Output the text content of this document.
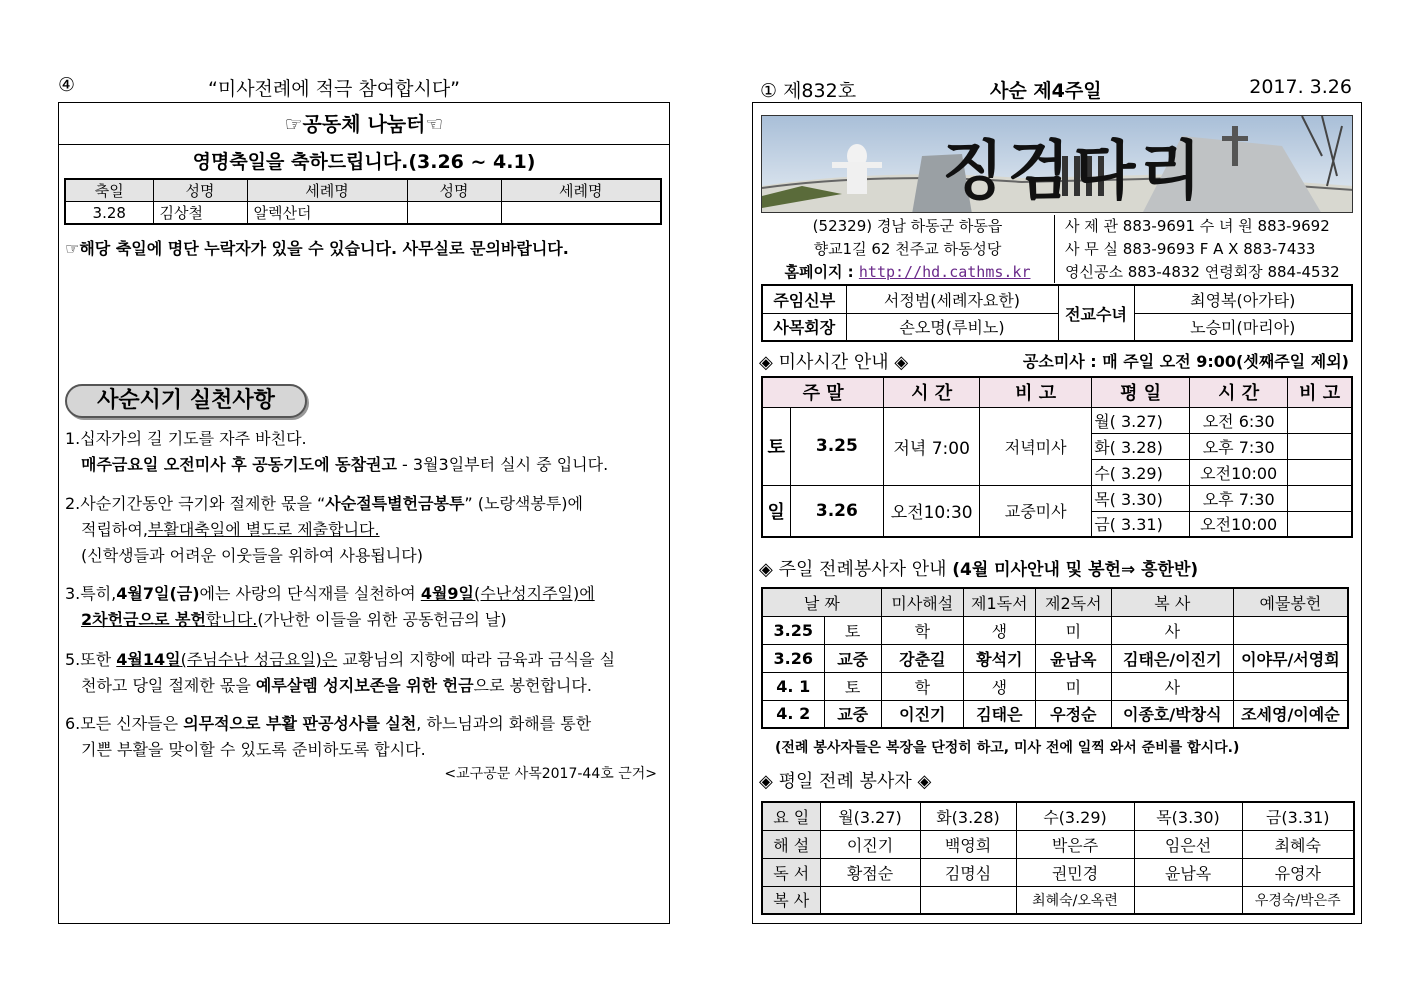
④	“미사전례에 적극 참여합시다”
☞공동체 나눔터☜
영명축일을 축하드립니다.(3.26 ~ 4.1)
축일	성명	세례명	성명	세례명
3.28	김상철	알렉산더		
☞해당 축일에 명단 누락자가 있을 수 있습니다. 사무실로 문의바랍니다.
사순시기 실천사항
1.십자가의 길 기도를 자주 바친다.
매주금요일 오전미사 후 공동기도에 동참권고 - 3월3일부터 실시 중 입니다.
2.사순기간동안 극기와 절제한 몫을 “사순절특별헌금봉투” (노랑색봉투)에
적립하여,부활대축일에 별도로 제출합니다.
(신학생들과 어려운 이웃들을 위하여 사용됩니다)
3.특히,4월7일(금)에는 사랑의 단식재를 실천하여 4월9일(수난성지주일)에
2차헌금으로 봉헌합니다.(가난한 이들을 위한 공동헌금의 날)
5.또한 4월14일(주님수난 성금요일)은 교황님의 지향에 따라 금육과 금식을 실
천하고 당일 절제한 몫을 예루살렘 성지보존을 위한 헌금으로 봉헌합니다.
6.모든 신자들은 의무적으로 부활 판공성사를 실천, 하느님과의 화해를 통한
기쁜 부활을 맞이할 수 있도록 준비하도록 합시다.
<교구공문 사목2017-44호 근거>
① 제832호	사순 제4주일	2017. 3.26
징검다리
(52329) 경남 하동군 하동읍
향교1길 62 천주교 하동성당
홈페이지 : http://hd.cathms.kr
사 제 관 883-9691 수 녀 원 883-9692
사 무 실 883-9693 F A X 883-7433
영신공소 883-4832 연령회장 884-4532
주임신부	서정범(세례자요한)	전교수녀	최영복(아가타)
사목회장	손오명(루비노)		노승미(마리아)
◈ 미사시간 안내 ◈	공소미사 : 매 주일 오전 9:00(셋째주일 제외)
주 말		시 간	비 고	평 일	시 간	비 고
토	3.25	저녁 7:00	저녁미사	월( 3.27)	오전 6:30	
				화( 3.28)	오후 7:30	
				수( 3.29)	오전10:00	
일	3.26	오전10:30	교중미사	목( 3.30)	오후 7:30	
				금( 3.31)	오전10:00	
◈ 주일 전례봉사자 안내 (4월 미사안내 및 봉헌⇒ 흥한반)
날 짜		미사해설	제1독서	제2독서	복 사	예물봉헌
3.25	토	학	생	미	사	
3.26	교중	강춘길	황석기	윤남옥	김태은/이진기	이야무/서영희
4. 1	토	학	생	미	사	
4. 2	교중	이진기	김태은	우정순	이종호/박창식	조세영/이예순
(전례 봉사자들은 복장을 단정히 하고, 미사 전에 일찍 와서 준비를 합시다.)
◈ 평일 전례 봉사자 ◈
요 일	월(3.27)	화(3.28)	수(3.29)	목(3.30)	금(3.31)
해 설	이진기	백영희	박은주	임은선	최혜숙
독 서	황점순	김명심	권민경	윤남옥	유영자
복 사			최혜숙/오옥련		우경숙/박은주
